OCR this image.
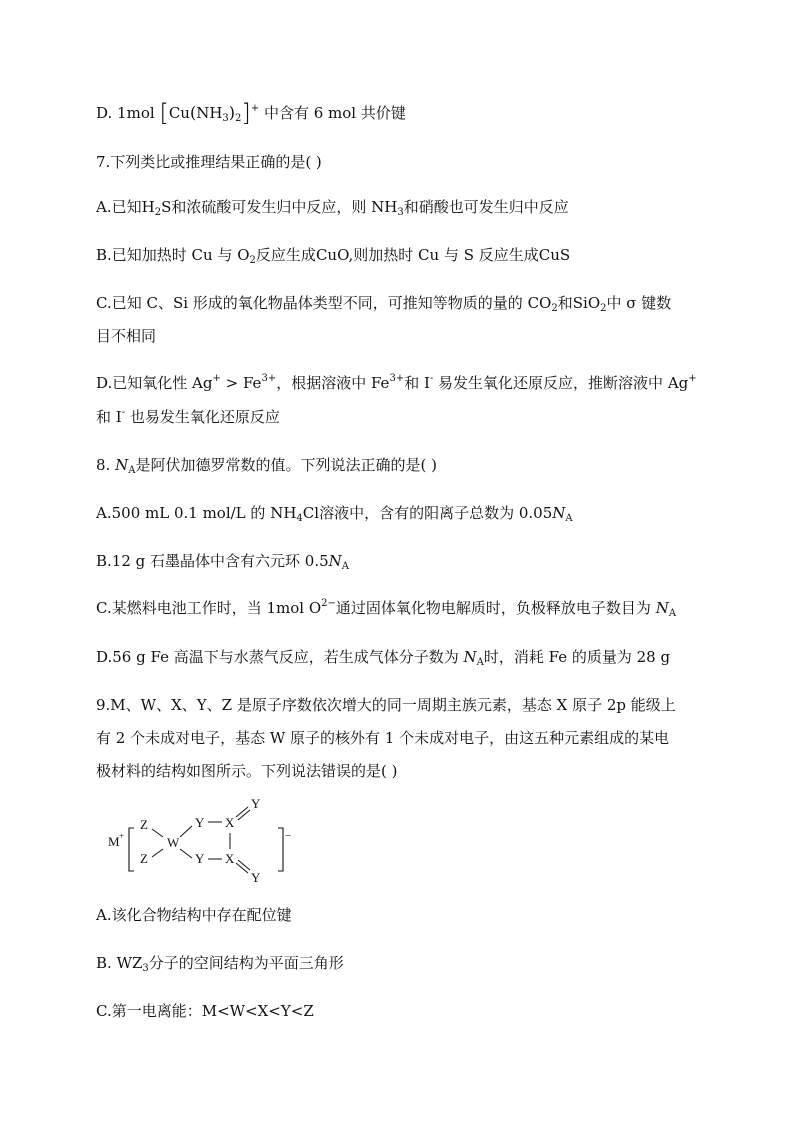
D. 1mol $[Cu(NH_3)_2]^+$ 中含有 6 mol 共价键
7.下列类比或推理结果正确的是( )
A.已知$H_2S$和浓硫酸可发生归中反应，则 $NH_3$和硝酸也可发生归中反应
B.已知加热时 Cu 与 $O_2$反应生成CuO,则加热时 Cu 与 S 反应生成CuS
C.已知 C、Si 形成的氧化物晶体类型不同，可推知等物质的量的 $CO_2$和SiO$_2$中 σ 键数
目不相同
D.已知氧化性 $Ag^+ > Fe^{3+}$，根据溶液中 $Fe^{3+}$和 I- 易发生氧化还原反应，推断溶液中 Ag+
和 I- 也易发生氧化还原反应
8. $N_A$是阿伏加德罗常数的值。下列说法正确的是( )
A.500 mL 0.1 mol/L 的 $NH_4Cl$溶液中，含有的阳离子总数为 $0.05N_A$
B.12 g 石墨晶体中含有六元环 $0.5N_A$
C.某燃料电池工作时，当 1mol $O^{2-}$通过固体氧化物电解质时，负极释放电子数目为 $N_A$
D.56 g Fe 高温下与水蒸气反应，若生成气体分子数为 $N_A$时，消耗 Fe 的质量为 28 g
9.M、W、X、Y、Z 是原子序数依次增大的同一周期主族元素，基态 X 原子 2p 能级上
有 2 个未成对电子，基态 W 原子的核外有 1 个未成对电子，由这五种元素组成的某电
极材料的结构如图所示。下列说法错误的是( )
M +
Z
Z
W
Y
Y
X
X
Y
Y
−
A.该化合物结构中存在配位键
B. $WZ_3$分子的空间结构为平面三角形
C.第一电离能：M<W<X<Y<Z
